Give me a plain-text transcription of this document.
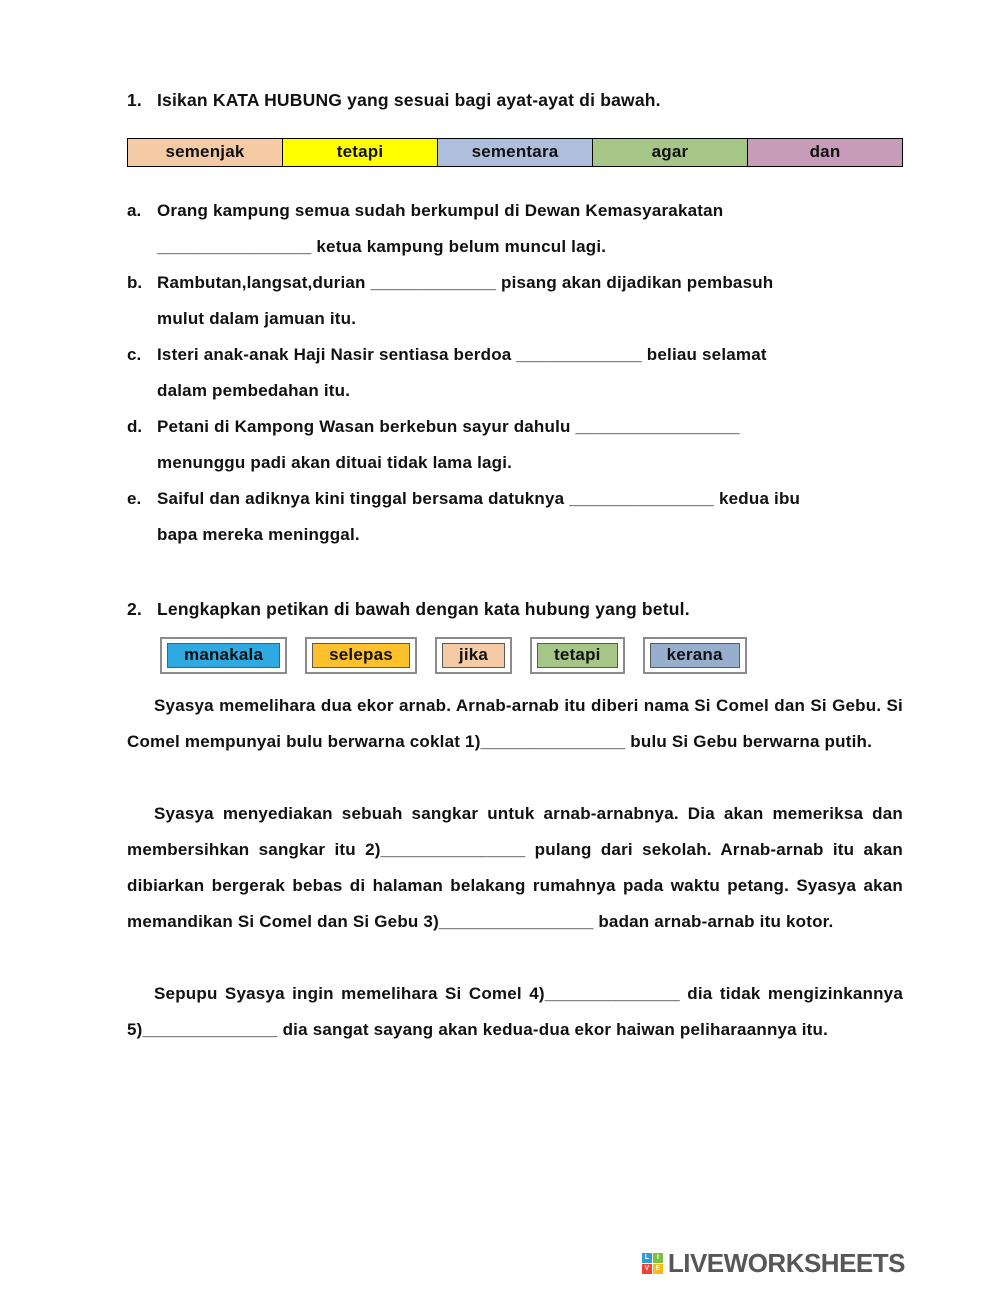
1. Isikan KATA HUBUNG yang sesuai bagi ayat-ayat di bawah.
semenjak	tetapi	sementara	agar	dan
a. Orang kampung semua sudah berkumpul di Dewan Kemasyarakatan
________________ ketua kampung belum muncul lagi.
b. Rambutan,langsat,durian _____________ pisang akan dijadikan pembasuh
mulut dalam jamuan itu.
c. Isteri anak-anak Haji Nasir sentiasa berdoa _____________ beliau selamat
dalam pembedahan itu.
d. Petani di Kampong Wasan berkebun sayur dahulu _________________
menunggu padi akan dituai tidak lama lagi.
e. Saiful dan adiknya kini tinggal bersama datuknya _______________ kedua ibu
bapa mereka meninggal.
2. Lengkapkan petikan di bawah dengan kata hubung yang betul.
manakala	selepas	jika	tetapi	kerana

Syasya memelihara dua ekor arnab. Arnab-arnab itu diberi nama Si Comel dan Si Gebu. Si Comel mempunyai bulu berwarna coklat 1)_______________ bulu Si Gebu berwarna putih.

Syasya menyediakan sebuah sangkar untuk arnab-arnabnya. Dia akan memeriksa dan membersihkan sangkar itu 2)_______________ pulang dari sekolah. Arnab-arnab itu akan dibiarkan bergerak bebas di halaman belakang rumahnya pada waktu petang. Syasya akan memandikan Si Comel dan Si Gebu 3)________________ badan arnab-arnab itu kotor.

Sepupu Syasya ingin memelihara Si Comel 4)______________ dia tidak mengizinkannya 5)______________ dia sangat sayang akan kedua-dua ekor haiwan peliharaannya itu.

L	I
V E LIVEWORKSHEETS
